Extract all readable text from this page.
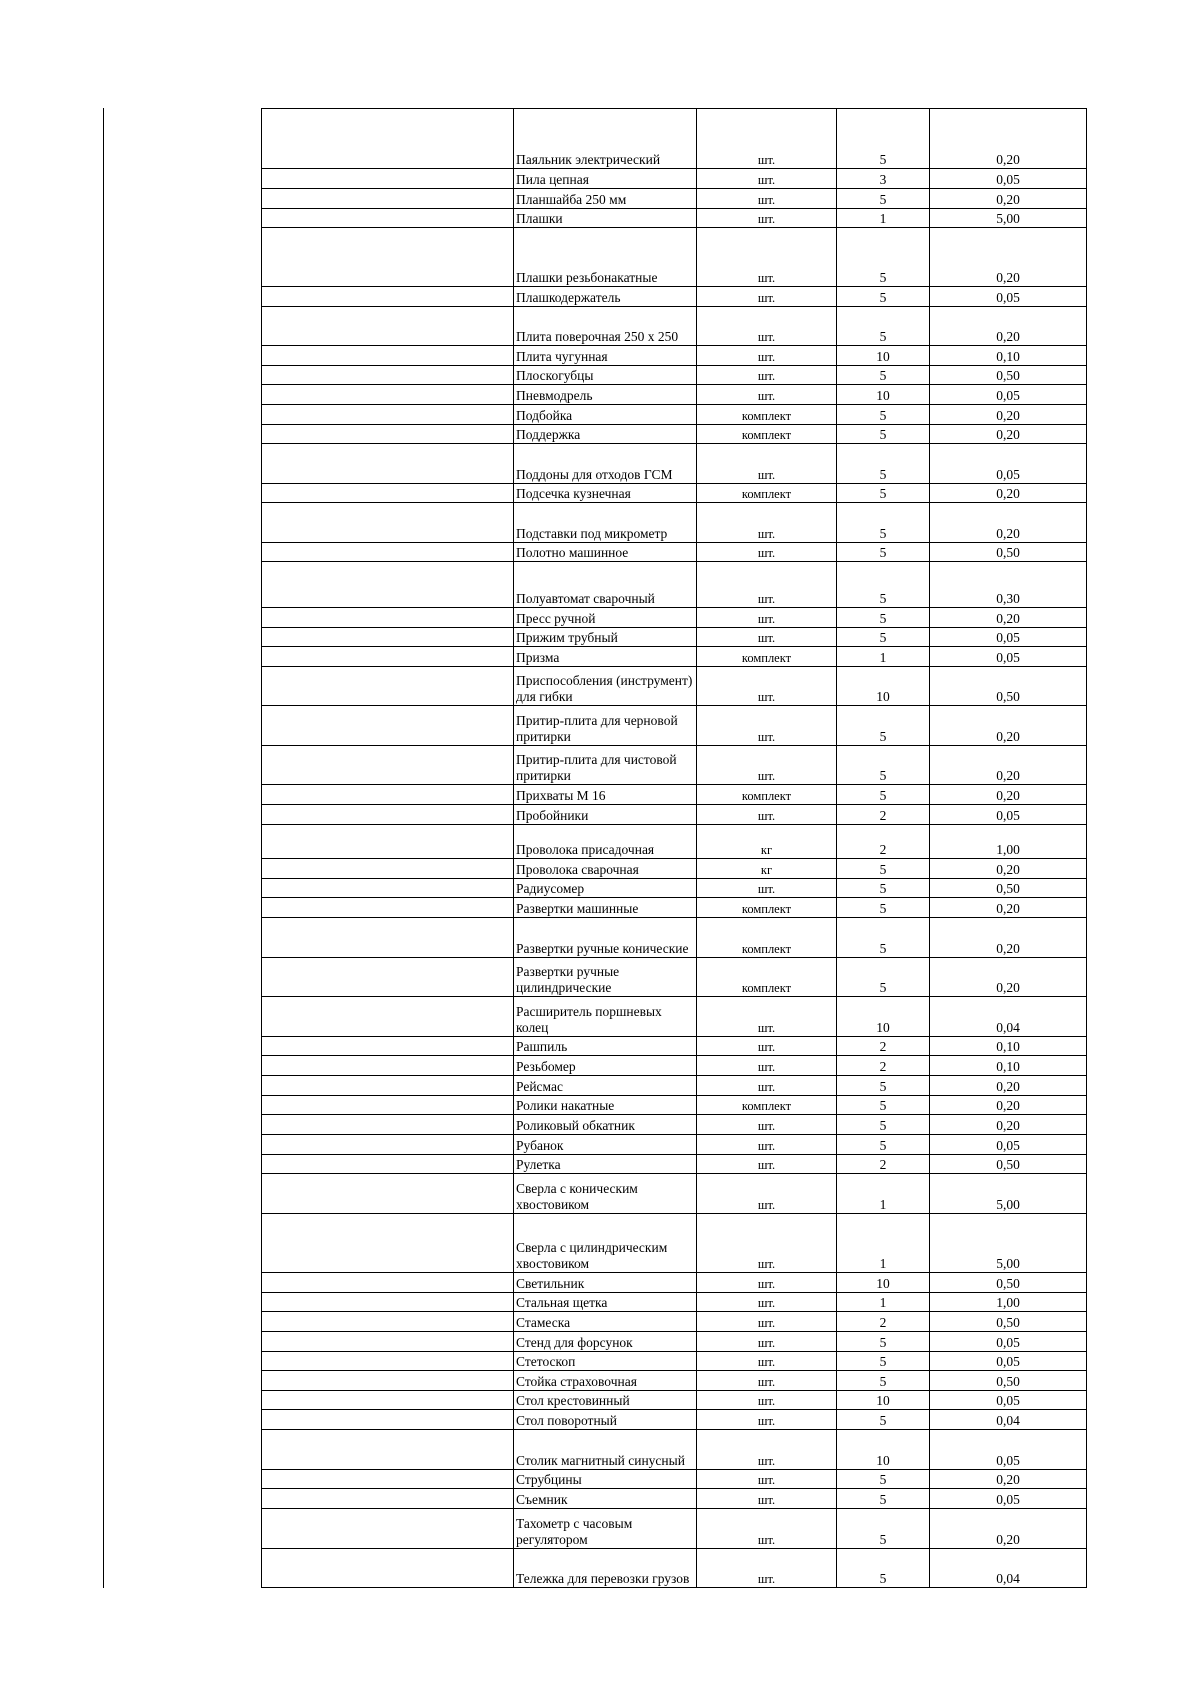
	Паяльник электрический	шт.	5	0,20
	Пила цепная	шт.	3	0,05
	Планшайба 250 мм	шт.	5	0,20
	Плашки	шт.	1	5,00
	Плашки резьбонакатные	шт.	5	0,20
	Плашкодержатель	шт.	5	0,05
	Плита поверочная 250 х 250	шт.	5	0,20
	Плита чугунная	шт.	10	0,10
	Плоскогубцы	шт.	5	0,50
	Пневмодрель	шт.	10	0,05
	Подбойка	комплект	5	0,20
	Поддержка	комплект	5	0,20
	Поддоны для отходов ГСМ	шт.	5	0,05
	Подсечка кузнечная	комплект	5	0,20
	Подставки под микрометр	шт.	5	0,20
	Полотно машинное	шт.	5	0,50
	Полуавтомат сварочный	шт.	5	0,30
	Пресс ручной	шт.	5	0,20
	Прижим трубный	шт.	5	0,05
	Призма	комплект	1	0,05
	Приспособления (инструмент) для гибки	шт.	10	0,50
	Притир-плита для черновой притирки	шт.	5	0,20
	Притир-плита для чистовой притирки	шт.	5	0,20
	Прихваты М 16	комплект	5	0,20
	Пробойники	шт.	2	0,05
	Проволока присадочная	кг	2	1,00
	Проволока сварочная	кг	5	0,20
	Радиусомер	шт.	5	0,50
	Развертки машинные	комплект	5	0,20
	Развертки ручные конические	комплект	5	0,20
	Развертки ручные цилиндрические	комплект	5	0,20
	Расширитель поршневых колец	шт.	10	0,04
	Рашпиль	шт.	2	0,10
	Резьбомер	шт.	2	0,10
	Рейсмас	шт.	5	0,20
	Ролики накатные	комплект	5	0,20
	Роликовый обкатник	шт.	5	0,20
	Рубанок	шт.	5	0,05
	Рулетка	шт.	2	0,50
	Сверла с коническим хвостовиком	шт.	1	5,00
	Сверла с цилиндрическим хвостовиком	шт.	1	5,00
	Светильник	шт.	10	0,50
	Стальная щетка	шт.	1	1,00
	Стамеска	шт.	2	0,50
	Стенд для форсунок	шт.	5	0,05
	Стетоскоп	шт.	5	0,05
	Стойка страховочная	шт.	5	0,50
	Стол крестовинный	шт.	10	0,05
	Стол поворотный	шт.	5	0,04
	Столик магнитный синусный	шт.	10	0,05
	Струбцины	шт.	5	0,20
	Съемник	шт.	5	0,05
	Тахометр с часовым регулятором	шт.	5	0,20
	Тележка для перевозки грузов	шт.	5	0,04
